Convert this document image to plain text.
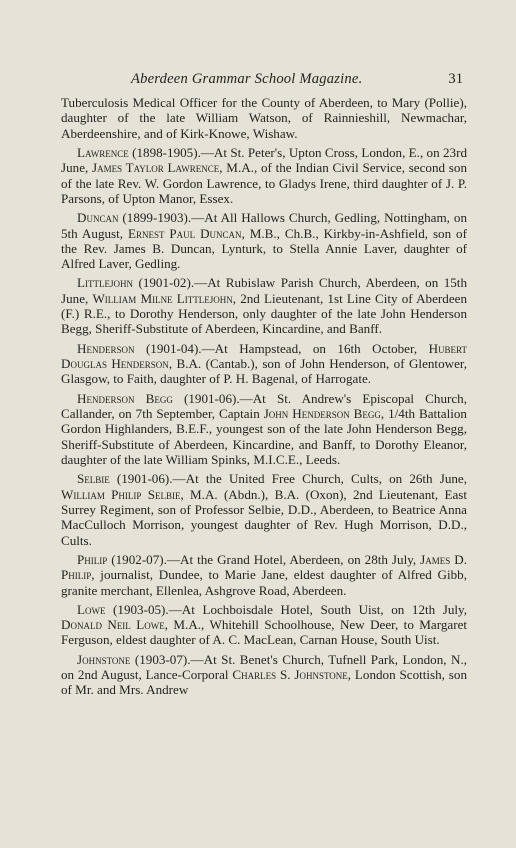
Aberdeen Grammar School Magazine.	31

Tuberculosis Medical Officer for the County of Aberdeen, to Mary (Pollie), daughter of the late William Watson, of Rainnieshill, Newmachar, Aberdeenshire, and of Kirk-Knowe, Wishaw.

Lawrence (1898-1905).—At St. Peter's, Upton Cross, London, E., on 23rd June, James Taylor Lawrence, M.A., of the Indian Civil Service, second son of the late Rev. W. Gordon Lawrence, to Gladys Irene, third daughter of J. P. Parsons, of Upton Manor, Essex.

Duncan (1899-1903).—At All Hallows Church, Gedling, Nottingham, on 5th August, Ernest Paul Duncan, M.B., Ch.B., Kirkby-in-Ashfield, son of the Rev. James B. Duncan, Lynturk, to Stella Annie Laver, daughter of Alfred Laver, Gedling.

Littlejohn (1901-02).—At Rubislaw Parish Church, Aberdeen, on 15th June, William Milne Littlejohn, 2nd Lieutenant, 1st Line City of Aberdeen (F.) R.E., to Dorothy Henderson, only daughter of the late John Henderson Begg, Sheriff-Substitute of Aberdeen, Kincardine, and Banff.

Henderson (1901-04).—At Hampstead, on 16th October, Hubert Douglas Henderson, B.A. (Cantab.), son of John Henderson, of Glentower, Glasgow, to Faith, daughter of P. H. Bagenal, of Harrogate.

Henderson Begg (1901-06).—At St. Andrew's Episcopal Church, Callander, on 7th September, Captain John Henderson Begg, 1/4th Battalion Gordon Highlanders, B.E.F., youngest son of the late John Henderson Begg, Sheriff-Substitute of Aberdeen, Kincardine, and Banff, to Dorothy Eleanor, daughter of the late William Spinks, M.I.C.E., Leeds.

Selbie (1901-06).—At the United Free Church, Cults, on 26th June, William Philip Selbie, M.A. (Abdn.), B.A. (Oxon), 2nd Lieutenant, East Surrey Regiment, son of Professor Selbie, D.D., Aberdeen, to Beatrice Anna MacCulloch Morrison, youngest daughter of Rev. Hugh Morrison, D.D., Cults.

Philip (1902-07).—At the Grand Hotel, Aberdeen, on 28th July, James D. Philip, journalist, Dundee, to Marie Jane, eldest daughter of Alfred Gibb, granite merchant, Ellenlea, Ashgrove Road, Aberdeen.

Lowe (1903-05).—At Lochboisdale Hotel, South Uist, on 12th July, Donald Neil Lowe, M.A., Whitehill Schoolhouse, New Deer, to Margaret Ferguson, eldest daughter of A. C. MacLean, Carnan House, South Uist.

Johnstone (1903-07).—At St. Benet's Church, Tufnell Park, London, N., on 2nd August, Lance-Corporal Charles S. Johnstone, London Scottish, son of Mr. and Mrs. Andrew
